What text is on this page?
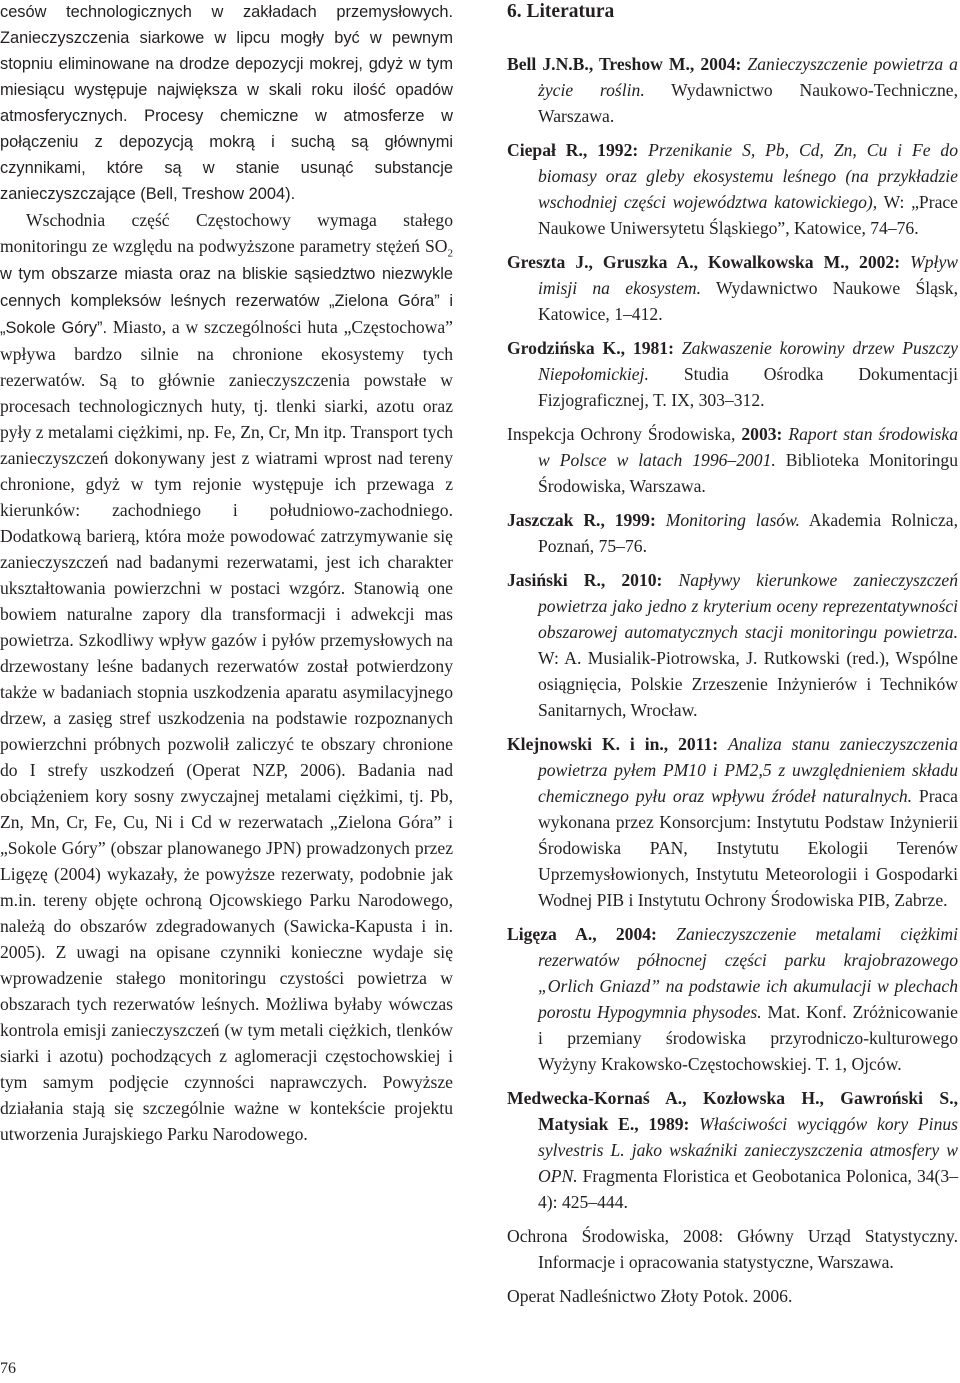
cesów technologicznych w zakładach przemysłowych. Zanieczyszczenia siarkowe w lipcu mogły być w pewnym stopniu eliminowane na drodze depozycji mokrej, gdyż w tym miesiącu występuje największa w skali roku ilość opadów atmosferycznych. Procesy chemiczne w atmosferze w połączeniu z depozycją mokrą i suchą są głównymi czynnikami, które są w stanie usunąć substancje zanieczyszczające (Bell, Treshow 2004).

Wschodnia część Częstochowy wymaga stałego monitoringu ze względu na podwyższone parametry stężeń $SO_2$ w tym obszarze miasta oraz na bliskie sąsiedztwo niezwykle cennych kompleksów leśnych rezerwatów „Zielona Góra” i „Sokole Góry”. Miasto, a w szczególności huta „Częstochowa” wpływa bardzo silnie na chronione ekosystemy tych rezerwatów. Są to głównie zanieczyszczenia powstałe w procesach technologicznych huty, tj. tlenki siarki, azotu oraz pyły z metalami ciężkimi, np. Fe, Zn, Cr, Mn itp. Transport tych zanieczyszczeń dokonywany jest z wiatrami wprost nad tereny chronione, gdyż w tym rejonie występuje ich przewaga z kierunków: zachodniego i południowo-zachodniego. Dodatkową barierą, która może powodować zatrzymywanie się zanieczyszczeń nad badanymi rezerwatami, jest ich charakter ukształtowania powierzchni w postaci wzgórz. Stanowią one bowiem naturalne zapory dla transformacji i adwekcji mas powietrza. Szkodliwy wpływ gazów i pyłów przemysłowych na drzewostany leśne badanych rezerwatów został potwierdzony także w badaniach stopnia uszkodzenia aparatu asymilacyjnego drzew, a zasięg stref uszkodzenia na podstawie rozpoznanych powierzchni próbnych pozwolił zaliczyć te obszary chronione do I strefy uszkodzeń (Operat NZP, 2006). Badania nad obciążeniem kory sosny zwyczajnej metalami ciężkimi, tj. Pb, Zn, Mn, Cr, Fe, Cu, Ni i Cd w rezerwatach „Zielona Góra” i „Sokole Góry” (obszar planowanego JPN) prowadzonych przez Ligęzę (2004) wykazały, że powyższe rezerwaty, podobnie jak m.in. tereny objęte ochroną Ojcowskiego Parku Narodowego, należą do obszarów zdegradowanych (Sawicka-Kapusta i in. 2005). Z uwagi na opisane czynniki konieczne wydaje się wprowadzenie stałego monitoringu czystości powietrza w obszarach tych rezerwatów leśnych. Możliwa byłaby wówczas kontrola emisji zanieczyszczeń (w tym metali ciężkich, tlenków siarki i azotu) pochodzących z aglomeracji częstochowskiej i tym samym podjęcie czynności naprawczych. Powyższe działania stają się szczególnie ważne w kontekście projektu utworzenia Jurajskiego Parku Narodowego.

6. Literatura

Bell J.N.B., Treshow M., 2004: Zanieczyszczenie powietrza a życie roślin. Wydawnictwo Naukowo-Techniczne, Warszawa.

Ciepał R., 1992: Przenikanie S, Pb, Cd, Zn, Cu i Fe do biomasy oraz gleby ekosystemu leśnego (na przykładzie wschodniej części województwa katowickiego), W: „Prace Naukowe Uniwersytetu Śląskiego”, Katowice, 74–76.

Greszta J., Gruszka A., Kowalkowska M., 2002: Wpływ imisji na ekosystem. Wydawnictwo Naukowe Śląsk, Katowice, 1–412.

Grodzińska K., 1981: Zakwaszenie korowiny drzew Puszczy Niepołomickiej. Studia Ośrodka Dokumentacji Fizjograficznej, T. IX, 303–312.

Inspekcja Ochrony Środowiska, 2003: Raport stan środowiska w Polsce w latach 1996–2001. Biblioteka Monitoringu Środowiska, Warszawa.

Jaszczak R., 1999: Monitoring lasów. Akademia Rolnicza, Poznań, 75–76.

Jasiński R., 2010: Napływy kierunkowe zanieczyszczeń powietrza jako jedno z kryterium oceny reprezentatywności obszarowej automatycznych stacji monitoringu powietrza. W: A. Musialik-Piotrowska, J. Rutkowski (red.), Wspólne osiągnięcia, Polskie Zrzeszenie Inżynierów i Techników Sanitarnych, Wrocław.

Klejnowski K. i in., 2011: Analiza stanu zanieczyszczenia powietrza pyłem PM10 i PM2,5 z uwzględnieniem składu chemicznego pyłu oraz wpływu źródeł naturalnych. Praca wykonana przez Konsorcjum: Instytutu Podstaw Inżynierii Środowiska PAN, Instytutu Ekologii Terenów Uprzemysłowionych, Instytutu Meteorologii i Gospodarki Wodnej PIB i Instytutu Ochrony Środowiska PIB, Zabrze.

Ligęza A., 2004: Zanieczyszczenie metalami ciężkimi rezerwatów północnej części parku krajobrazowego „Orlich Gniazd” na podstawie ich akumulacji w plechach porostu Hypogymnia physodes. Mat. Konf. Zróżnicowanie i przemiany środowiska przyrodniczo-kulturowego Wyżyny Krakowsko-Częstochowskiej. T. 1, Ojców.

Medwecka-Kornaś A., Kozłowska H., Gawroński S., Matysiak E., 1989: Właściwości wyciągów kory Pinus sylvestris L. jako wskaźniki zanieczyszczenia atmosfery w OPN. Fragmenta Floristica et Geobotanica Polonica, 34(3–4): 425–444.

Ochrona Środowiska, 2008: Główny Urząd Statystyczny. Informacje i opracowania statystyczne, Warszawa.

Operat Nadleśnictwo Złoty Potok. 2006.

76
